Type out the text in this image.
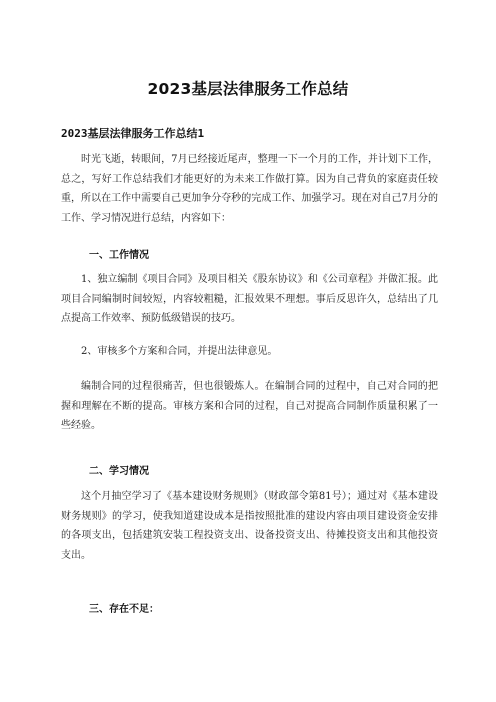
2023基层法律服务工作总结
2023基层法律服务工作总结1

时光飞逝，转眼间，7月已经接近尾声，整理一下一个月的工作，并计划下工作，总之，写好工作总结我们才能更好的为未来工作做打算。因为自己背负的家庭责任较重，所以在工作中需要自己更加争分夺秒的完成工作、加强学习。现在对自己7月分的工作、学习情况进行总结，内容如下：

一、工作情况

1、独立编制《项目合同》及项目相关《股东协议》和《公司章程》并做汇报。此项目合同编制时间较短，内容较粗糙，汇报效果不理想。事后反思许久，总结出了几点提高工作效率、预防低级错误的技巧。

2、审核多个方案和合同，并提出法律意见。

编制合同的过程很痛苦，但也很锻炼人。在编制合同的过程中，自己对合同的把握和理解在不断的提高。审核方案和合同的过程，自己对提高合同制作质量积累了一些经验。

二、学习情况

这个月抽空学习了《基本建设财务规则》（财政部令第81号）；通过对《基本建设财务规则》的学习，使我知道建设成本是指按照批准的建设内容由项目建设资金安排的各项支出，包括建筑安装工程投资支出、设备投资支出、待摊投资支出和其他投资支出。

三、存在不足：
